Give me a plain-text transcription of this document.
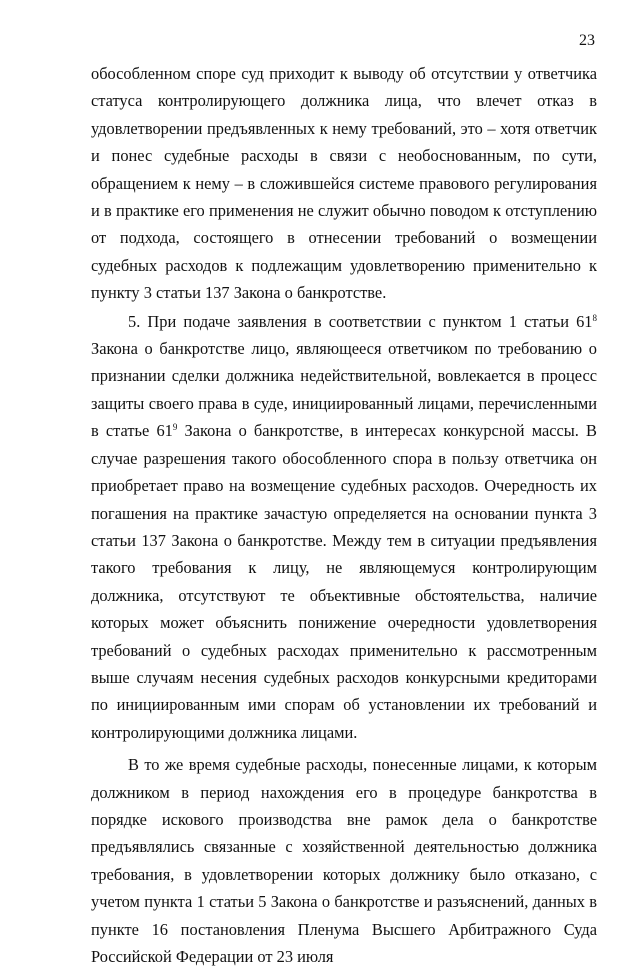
23

обособленном споре суд приходит к выводу об отсутствии у ответчика статуса контролирующего должника лица, что влечет отказ в удовлетворении предъявленных к нему требований, это – хотя ответчик и понес судебные расходы в связи с необоснованным, по сути, обращением к нему – в сложившейся системе правового регулирования и в практике его применения не служит обычно поводом к отступлению от подхода, состоящего в отнесении требований о возмещении судебных расходов к подлежащим удовлетворению применительно к пункту 3 статьи 137 Закона о банкротстве.

5. При подаче заявления в соответствии с пунктом 1 статьи $61^8$ Закона о банкротстве лицо, являющееся ответчиком по требованию о признании сделки должника недействительной, вовлекается в процесс защиты своего права в суде, инициированный лицами, перечисленными в статье $61^9$ Закона о банкротстве, в интересах конкурсной массы. В случае разрешения такого обособленного спора в пользу ответчика он приобретает право на возмещение судебных расходов. Очередность их погашения на практике зачастую определяется на основании пункта 3 статьи 137 Закона о банкротстве. Между тем в ситуации предъявления такого требования к лицу, не являющемуся контролирующим должника, отсутствуют те объективные обстоятельства, наличие которых может объяснить понижение очередности удовлетворения требований о судебных расходах применительно к рассмотренным выше случаям несения судебных расходов конкурсными кредиторами по инициированным ими спорам об установлении их требований и контролирующими должника лицами.

В то же время судебные расходы, понесенные лицами, к которым должником в период нахождения его в процедуре банкротства в порядке искового производства вне рамок дела о банкротстве предъявлялись связанные с хозяйственной деятельностью должника требования, в удовлетворении которых должнику было отказано, с учетом пункта 1 статьи 5 Закона о банкротстве и разъяснений, данных в пункте 16 постановления Пленума Высшего Арбитражного Суда Российской Федерации от 23 июля
